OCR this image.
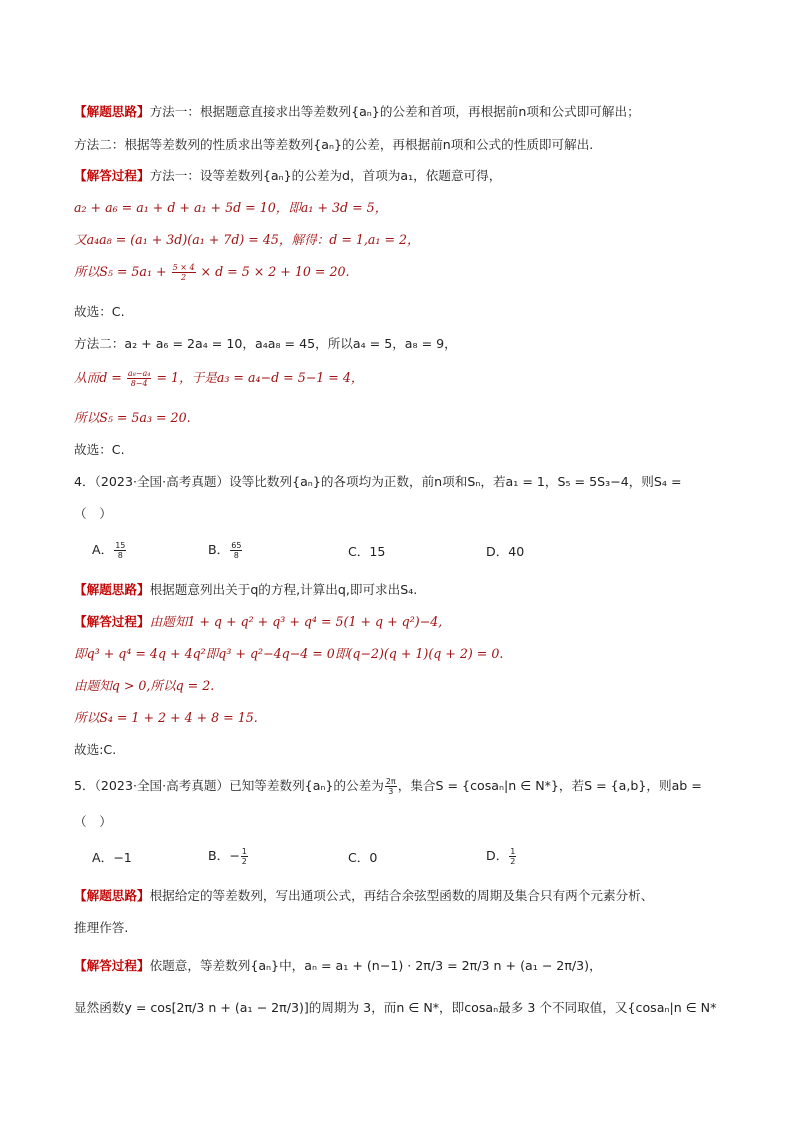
【解题思路】方法一：根据题意直接求出等差数列{aₙ}的公差和首项，再根据前n项和公式即可解出；
方法二：根据等差数列的性质求出等差数列{aₙ}的公差，再根据前n项和公式的性质即可解出.
【解答过程】方法一：设等差数列{aₙ}的公差为d，首项为a₁，依题意可得，
a₂ + a₆ = a₁ + d + a₁ + 5d = 10，即a₁ + 3d = 5，
又a₄a₈ = (a₁ + 3d)(a₁ + 7d) = 45，解得：d = 1,a₁ = 2，
所以$S_5 = 5a_1 + \frac{5 \times 4}{2} \times d = 5 \times 2 + 10 = 20$.
故选：C.
方法二：a₂ + a₆ = 2a₄ = 10，a₄a₈ = 45，所以a₄ = 5，a₈ = 9，
从而$d = \frac{\text{a₈−a₄}}{8-4} = 1$，于是a₃ = a₄−d = 5−1 = 4，
所以S₅ = 5a₃ = 20.
故选：C.
4．（2023·全国·高考真题）设等比数列{aₙ}的各项均为正数，前n项和Sₙ，若a₁ = 1，S₅ = 5S₃−4，则S₄ =
（　）
A． $\frac{15}{8}$	B． $\frac{65}{8}$	C．15	D．40
【解题思路】根据题意列出关于q的方程,计算出q,即可求出S₄.
【解答过程】由题知1 + q + q² + q³ + q⁴ = 5(1 + q + q²)−4,
即q³ + q⁴ = 4q + 4q²即q³ + q²−4q−4 = 0即(q−2)(q + 1)(q + 2) = 0.
由题知q > 0,所以q = 2.
所以S₄ = 1 + 2 + 4 + 8 = 15.
故选:C.
5．（2023·全国·高考真题）已知等差数列{aₙ}的公差为 $\frac{2\pi}{3}$ ，集合S = {cosaₙ|n ∈ N*}，若S = {a,b}，则ab =
（　）
A．−1	B．− $\frac{1}{2}$	C．0	D． $\frac{1}{2}$
【解题思路】根据给定的等差数列，写出通项公式，再结合余弦型函数的周期及集合只有两个元素分析、
推理作答.
【解答过程】依题意，等差数列{aₙ}中，aₙ = a₁ + (n−1) · 2π/3 = 2π/3 n + (a₁ − 2π/3)，
显然函数y = cos[2π/3 n + (a₁ − 2π/3)]的周期为 3，而n ∈ N*，即cosaₙ最多 3 个不同取值，又{cosaₙ|n ∈ N*
